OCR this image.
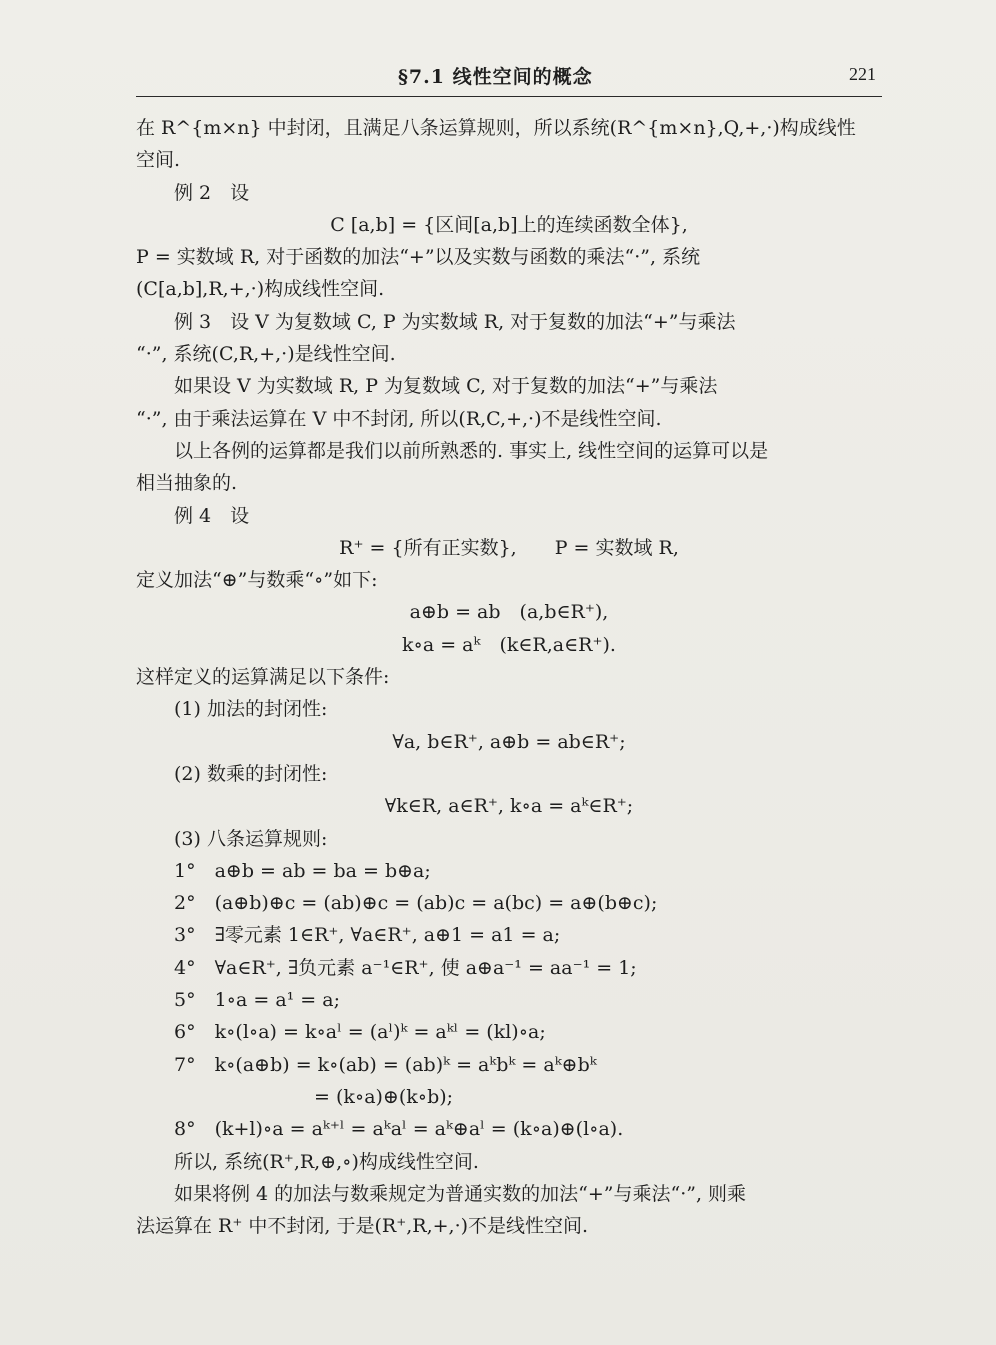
§7.1 线性空间的概念	221

在 R^{m×n} 中封闭，且满足八条运算规则，所以系统(R^{m×n},Q,+,·)构成线性

空间.

例 2　设

C [a,b] = {区间[a,b]上的连续函数全体},

P = 实数域 R, 对于函数的加法“+”以及实数与函数的乘法“·”, 系统

(C[a,b],R,+,·)构成线性空间.

例 3　设 V 为复数域 C, P 为实数域 R, 对于复数的加法“+”与乘法

“·”, 系统(C,R,+,·)是线性空间.

如果设 V 为实数域 R, P 为复数域 C, 对于复数的加法“+”与乘法

“·”, 由于乘法运算在 V 中不封闭, 所以(R,C,+,·)不是线性空间.

以上各例的运算都是我们以前所熟悉的. 事实上, 线性空间的运算可以是

相当抽象的.

例 4　设

R⁺ = {所有正实数},　　P = 实数域 R,

定义加法“⊕”与数乘“∘”如下:

a⊕b = ab　(a,b∈R⁺),

k∘a = aᵏ　(k∈R,a∈R⁺).

这样定义的运算满足以下条件:

(1) 加法的封闭性:

∀a, b∈R⁺, a⊕b = ab∈R⁺;

(2) 数乘的封闭性:

∀k∈R, a∈R⁺, k∘a = aᵏ∈R⁺;

(3) 八条运算规则:

1°　a⊕b = ab = ba = b⊕a;

2°　(a⊕b)⊕c = (ab)⊕c = (ab)c = a(bc) = a⊕(b⊕c);

3°　∃零元素 1∈R⁺, ∀a∈R⁺, a⊕1 = a1 = a;

4°　∀a∈R⁺, ∃负元素 a⁻¹∈R⁺, 使 a⊕a⁻¹ = aa⁻¹ = 1;

5°　1∘a = a¹ = a;

6°　k∘(l∘a) = k∘aˡ = (aˡ)ᵏ = aᵏˡ = (kl)∘a;

7°　k∘(a⊕b) = k∘(ab) = (ab)ᵏ = aᵏbᵏ = aᵏ⊕bᵏ

= (k∘a)⊕(k∘b);

8°　(k+l)∘a = aᵏ⁺ˡ = aᵏaˡ = aᵏ⊕aˡ = (k∘a)⊕(l∘a).

所以, 系统(R⁺,R,⊕,∘)构成线性空间.

如果将例 4 的加法与数乘规定为普通实数的加法“+”与乘法“·”, 则乘

法运算在 R⁺ 中不封闭, 于是(R⁺,R,+,·)不是线性空间.
